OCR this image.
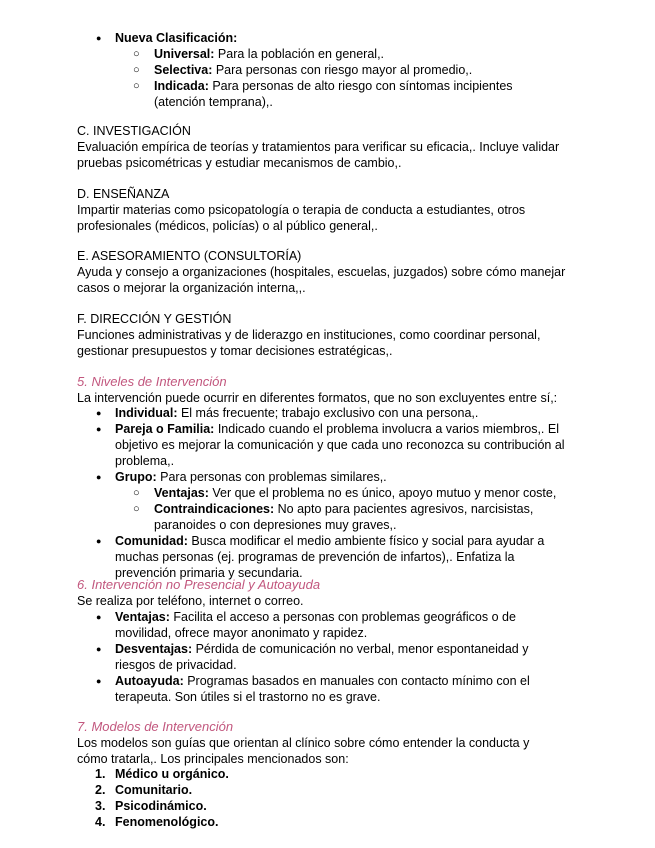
● Nueva Clasificación:
○ Universal: Para la población en general,.
○ Selectiva: Para personas con riesgo mayor al promedio,.
○ Indicada: Para personas de alto riesgo con síntomas incipientes (atención temprana),.

C. INVESTIGACIÓN

Evaluación empírica de teorías y tratamientos para verificar su eficacia,. Incluye validar pruebas psicométricas y estudiar mecanismos de cambio,.

D. ENSEÑANZA

Impartir materias como psicopatología o terapia de conducta a estudiantes, otros profesionales (médicos, policías) o al público general,.

E. ASESORAMIENTO (CONSULTORÍA)

Ayuda y consejo a organizaciones (hospitales, escuelas, juzgados) sobre cómo manejar casos o mejorar la organización interna,,.

F. DIRECCIÓN Y GESTIÓN

Funciones administrativas y de liderazgo en instituciones, como coordinar personal, gestionar presupuestos y tomar decisiones estratégicas,.

5. Niveles de Intervención

La intervención puede ocurrir en diferentes formatos, que no son excluyentes entre sí,:

● Individual: El más frecuente; trabajo exclusivo con una persona,.
● Pareja o Familia: Indicado cuando el problema involucra a varios miembros,. El objetivo es mejorar la comunicación y que cada uno reconozca su contribución al problema,.
● Grupo: Para personas con problemas similares,.
○ Ventajas: Ver que el problema no es único, apoyo mutuo y menor coste,
○ Contraindicaciones: No apto para pacientes agresivos, narcisistas, paranoides o con depresiones muy graves,.
● Comunidad: Busca modificar el medio ambiente físico y social para ayudar a muchas personas (ej. programas de prevención de infartos),. Enfatiza la prevención primaria y secundaria.

6. Intervención no Presencial y Autoayuda

Se realiza por teléfono, internet o correo.

● Ventajas: Facilita el acceso a personas con problemas geográficos o de movilidad, ofrece mayor anonimato y rapidez.
● Desventajas: Pérdida de comunicación no verbal, menor espontaneidad y riesgos de privacidad.
● Autoayuda: Programas basados en manuales con contacto mínimo con el terapeuta. Son útiles si el trastorno no es grave.

7. Modelos de Intervención

Los modelos son guías que orientan al clínico sobre cómo entender la conducta y cómo tratarla,. Los principales mencionados son:

1. Médico u orgánico.
2. Comunitario.
3. Psicodinámico.
4. Fenomenológico.
